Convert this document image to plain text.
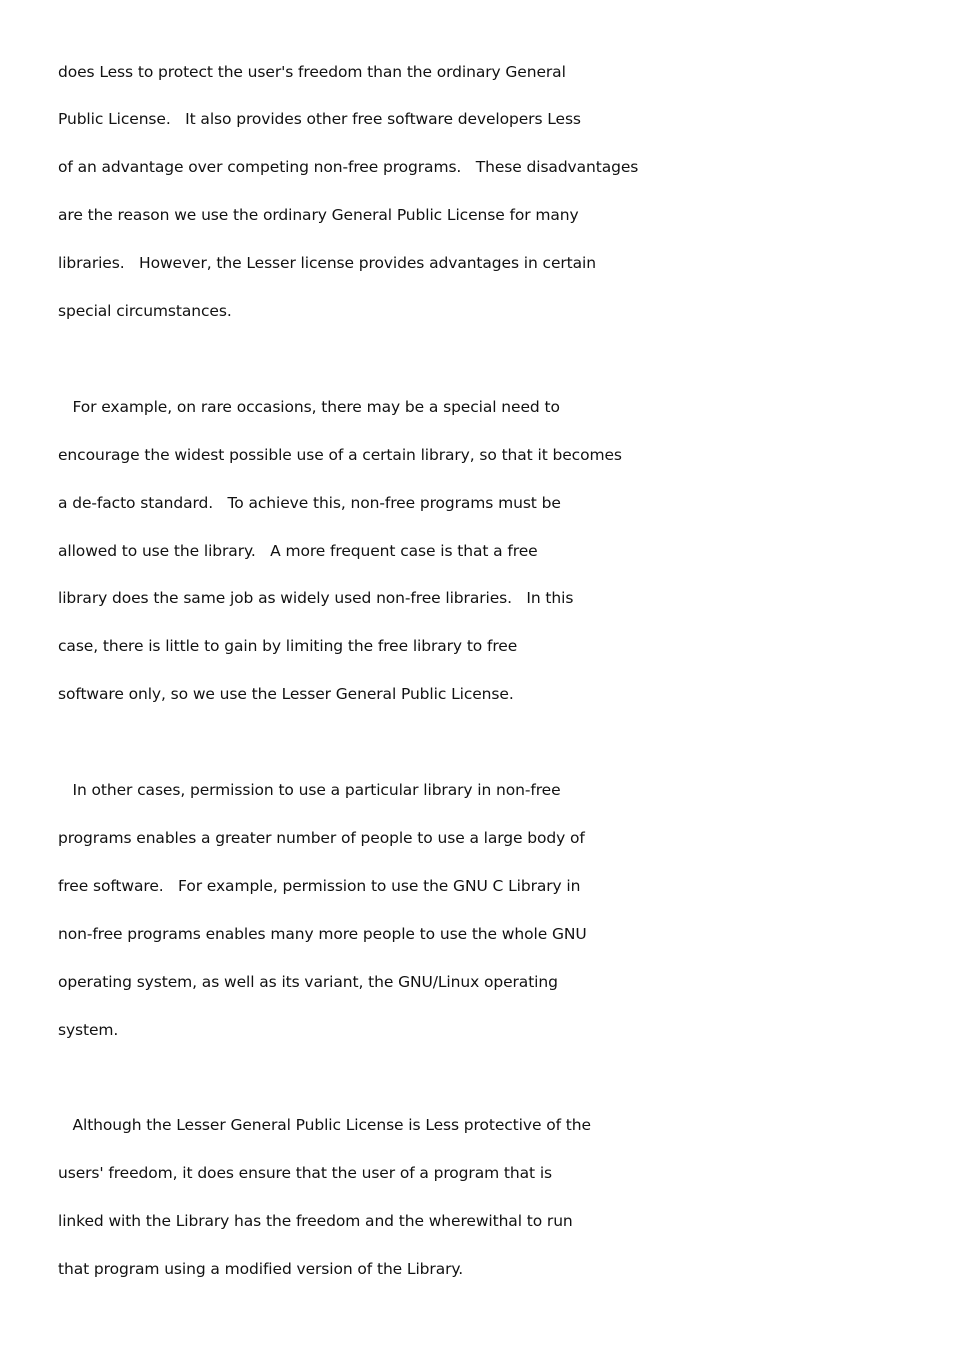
does Less to protect the user's freedom than the ordinary General
Public License.   It also provides other free software developers Less
of an advantage over competing non-free programs.   These disadvantages
are the reason we use the ordinary General Public License for many
libraries.   However, the Lesser license provides advantages in certain
special circumstances.
For example, on rare occasions, there may be a special need to
encourage the widest possible use of a certain library, so that it becomes
a de-facto standard.   To achieve this, non-free programs must be
allowed to use the library.   A more frequent case is that a free
library does the same job as widely used non-free libraries.   In this
case, there is little to gain by limiting the free library to free
software only, so we use the Lesser General Public License.
In other cases, permission to use a particular library in non-free
programs enables a greater number of people to use a large body of
free software.   For example, permission to use the GNU C Library in
non-free programs enables many more people to use the whole GNU
operating system, as well as its variant, the GNU/Linux operating
system.
Although the Lesser General Public License is Less protective of the
users' freedom, it does ensure that the user of a program that is
linked with the Library has the freedom and the wherewithal to run
that program using a modified version of the Library.
